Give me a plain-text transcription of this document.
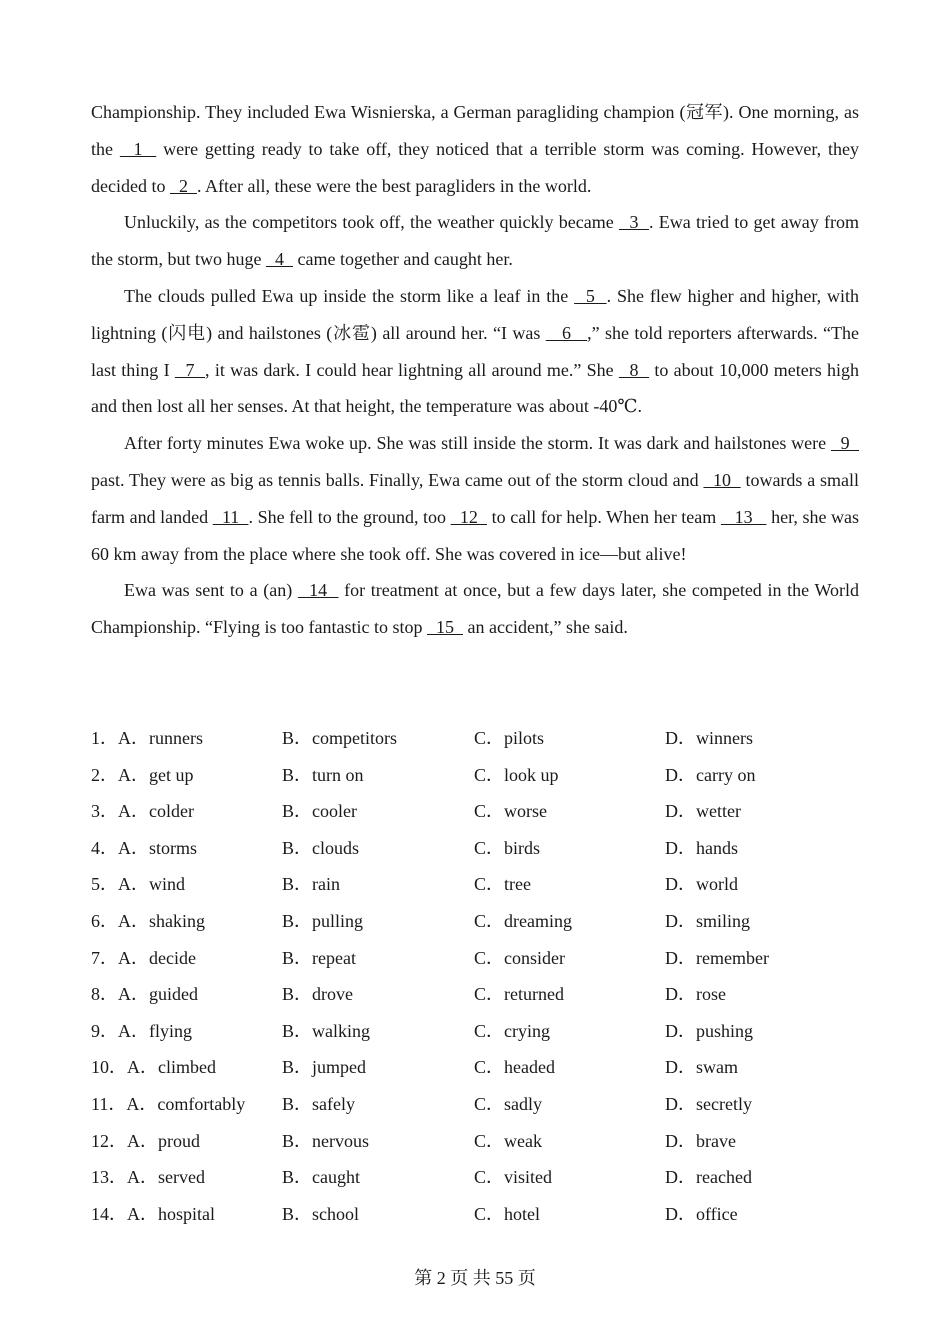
Championship. They included Ewa Wisnierska, a German paragliding champion (冠军). One morning, as the   1   were getting ready to take off, they noticed that a terrible storm was coming. However, they decided to   2  . After all, these were the best paragliders in the world.

Unluckily, as the competitors took off, the weather quickly became   3  . Ewa tried to get away from the storm, but two huge   4   came together and caught her.

The clouds pulled Ewa up inside the storm like a leaf in the   5  . She flew higher and higher, with lightning (闪电) and hailstones (冰雹) all around her. “I was    6   ,” she told reporters afterwards. “The last thing I   7  , it was dark. I could hear lightning all around me.” She   8   to about 10,000 meters high and then lost all her senses. At that height, the temperature was about -40℃.

After forty minutes Ewa woke up. She was still inside the storm. It was dark and hailstones were   9   past. They were as big as tennis balls. Finally, Ewa came out of the storm cloud and   10   towards a small farm and landed   11  . She fell to the ground, too   12   to call for help. When her team    13    her, she was 60 km away from the place where she took off. She was covered in ice—but alive!

Ewa was sent to a (an)   14   for treatment at once, but a few days later, she competed in the World Championship. “Flying is too fantastic to stop   15   an accident,” she said.

1．A．runners	B．competitors	C．pilots	D．winners
2．A．get up	B．turn on	C．look up	D．carry on
3．A．colder	B．cooler	C．worse	D．wetter
4．A．storms	B．clouds	C．birds	D．hands
5．A．wind	B．rain	C．tree	D．world
6．A．shaking	B．pulling	C．dreaming	D．smiling
7．A．decide	B．repeat	C．consider	D．remember
8．A．guided	B．drove	C．returned	D．rose
9．A．flying	B．walking	C．crying	D．pushing
10．A．climbed	B．jumped	C．headed	D．swam
11．A．comfortably B．safely	C．sadly	D．secretly
12．A．proud	B．nervous	C．weak	D．brave
13．A．served	B．caught	C．visited	D．reached
14．A．hospital	B．school	C．hotel	D．office
第 2 页 共 55 页
